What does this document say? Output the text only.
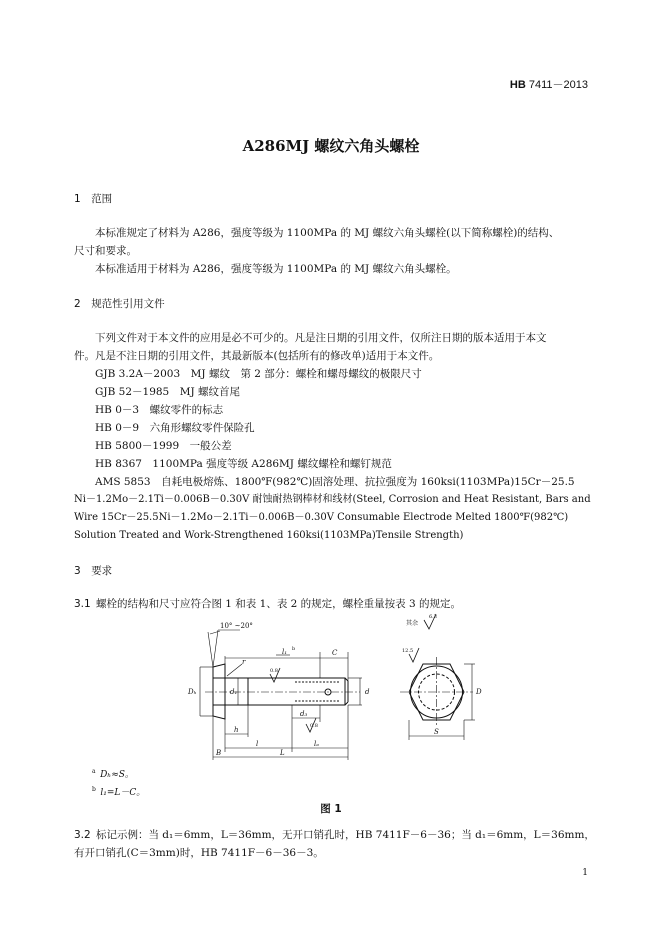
HB 7411－2013
A286MJ 螺纹六角头螺栓
1  范围
本标准规定了材料为 A286，强度等级为 1100MPa 的 MJ 螺纹六角头螺栓(以下简称螺栓)的结构、
尺寸和要求。
本标准适用于材料为 A286，强度等级为 1100MPa 的 MJ 螺纹六角头螺栓。
2  规范性引用文件
下列文件对于本文件的应用是必不可少的。凡是注日期的引用文件，仅所注日期的版本适用于本文
件。凡是不注日期的引用文件，其最新版本(包括所有的修改单)适用于本文件。
GJB 3.2A－2003　MJ 螺纹　第 2 部分：螺栓和螺母螺纹的极限尺寸
GJB 52－1985　MJ 螺纹首尾
HB 0－3　螺纹零件的标志
HB 0－9　六角形螺纹零件保险孔
HB 5800－1999　一般公差
HB 8367　1100MPa 强度等级 A286MJ 螺纹螺栓和螺钉规范
AMS 5853　自耗电极熔炼、1800℉(982℃)固溶处理、抗拉强度为 160ksi(1103MPa)15Cr－25.5
Ni－1.2Mo－2.1Ti－0.006B－0.30V 耐蚀耐热钢棒材和线材(Steel, Corrosion and Heat Resistant, Bars and
Wire 15Cr－25.5Ni－1.2Mo－2.1Ti－0.006B－0.30V Consumable Electrode Melted 1800℉(982℃)
Solution Treated and Work-Strengthened 160ksi(1103MPa)Tensile Strength)
3  要求
3.1  螺栓的结构和尺寸应符合图 1 和表 1、表 2 的规定，螺栓重量按表 3 的规定。
10° ~20°
l₁ b	C
r
0.8
Dₕ	d₁	d
d₃
0.8
h
l	lₐ
B	L
D
S
12.5
其余
6.3
$^a$  Dₕ≈S。
$^b$  l₁=L－C。
图 1
3.2  标记示例：当 d₁＝6mm，L＝36mm，无开口销孔时，HB 7411F－6－36；当 d₁＝6mm，L＝36mm，
有开口销孔(C＝3mm)时，HB 7411F－6－36－3。
1
